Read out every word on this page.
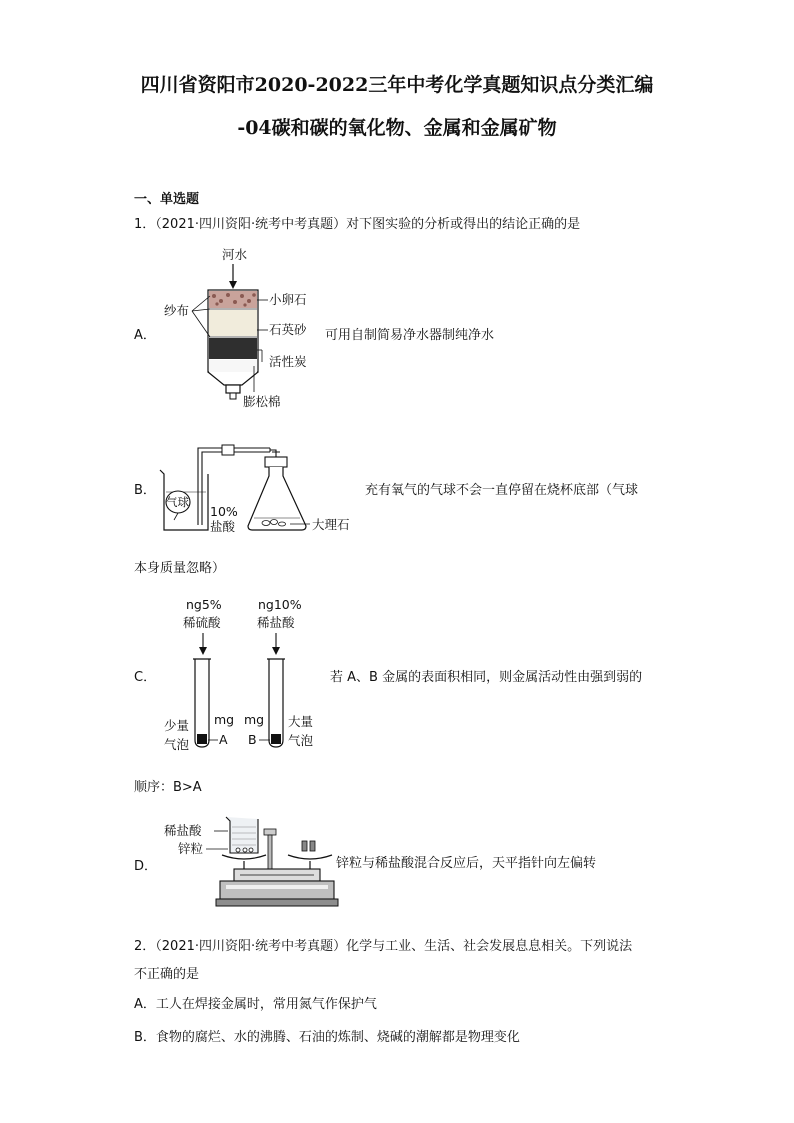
四川省资阳市2020-2022三年中考化学真题知识点分类汇编
-04碳和碳的氧化物、金属和金属矿物
一、单选题
1．（2021·四川资阳·统考中考真题）对下图实验的分析或得出的结论正确的是
A．	可用自制简易净水器制纯净水
河水
纱布
小卵石
石英砂
活性炭
膨松棉
B．	充有氧气的气球不会一直停留在烧杯底部（气球
本身质量忽略）
气球
10%
盐酸	大理石
C．	若 A、B 金属的表面积相同，则金属活动性由强到弱的
顺序：B>A
ng5%
稀硫酸
ng10%
稀盐酸
少量
气泡
mg
A
mg
B
大量
气泡
D．	锌粒与稀盐酸混合反应后，天平指针向左偏转
稀盐酸
锌粒
2．（2021·四川资阳·统考中考真题）化学与工业、生活、社会发展息息相关。下列说法
不正确的是
A．工人在焊接金属时，常用氮气作保护气
B．食物的腐烂、水的沸腾、石油的炼制、烧碱的潮解都是物理变化
